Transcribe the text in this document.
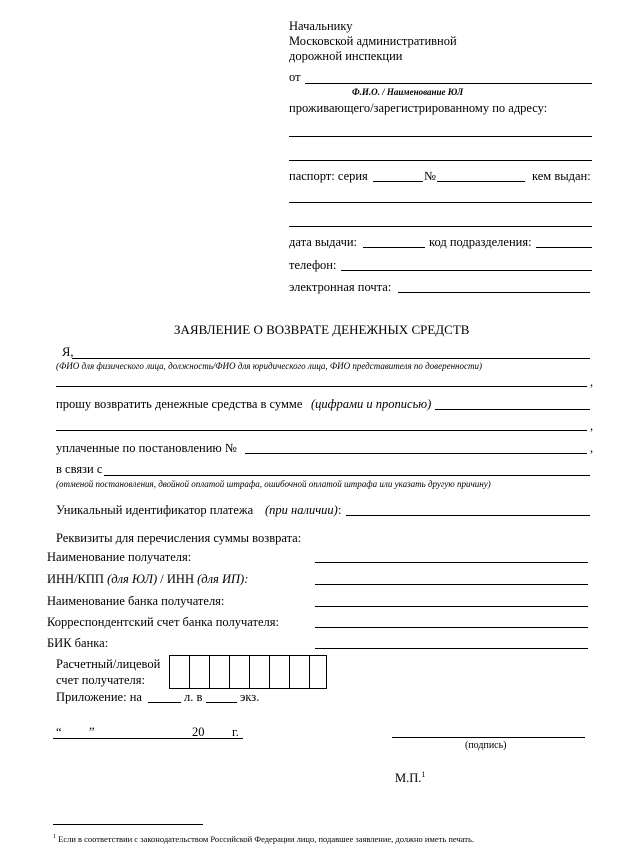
Начальнику
Московской административной
дорожной инспекции
от
Ф.И.О. / Наименование ЮЛ
проживающего/зарегистрированному по адресу:
паспорт: серия	№	кем выдан:
дата выдачи:	код подразделения:
телефон:
электронная почта:
ЗАЯВЛЕНИЕ О ВОЗВРАТЕ ДЕНЕЖНЫХ СРЕДСТВ
Я,
(ФИО для физического лица, должность/ФИО для юридического лица, ФИО представителя по доверенности)
,
прошу возвратить денежные средства в сумме (цифрами и прописью)
,
уплаченные по постановлению №	,
в связи с
(отменой постановления, двойной оплатой штрафа, ошибочной оплатой штрафа или указать другую причину)
Уникальный идентификатор платежа (при наличии) :
Реквизиты для перечисления суммы возврата:
Наименование получателя:
ИНН/КПП (для ЮЛ) / ИНН (для ИП):
Наименование банка получателя:
Корреспондентский счет банка получателя:
БИК банка:
Расчетный/лицевой
счет получателя:
Приложение: на	л. в	экз.
“ ”	20 г.
(подпись)
М.П.$^1$
$^1$ Если в соответствии с законодательством Российской Федерации лицо, подавшее заявление, должно иметь печать.
